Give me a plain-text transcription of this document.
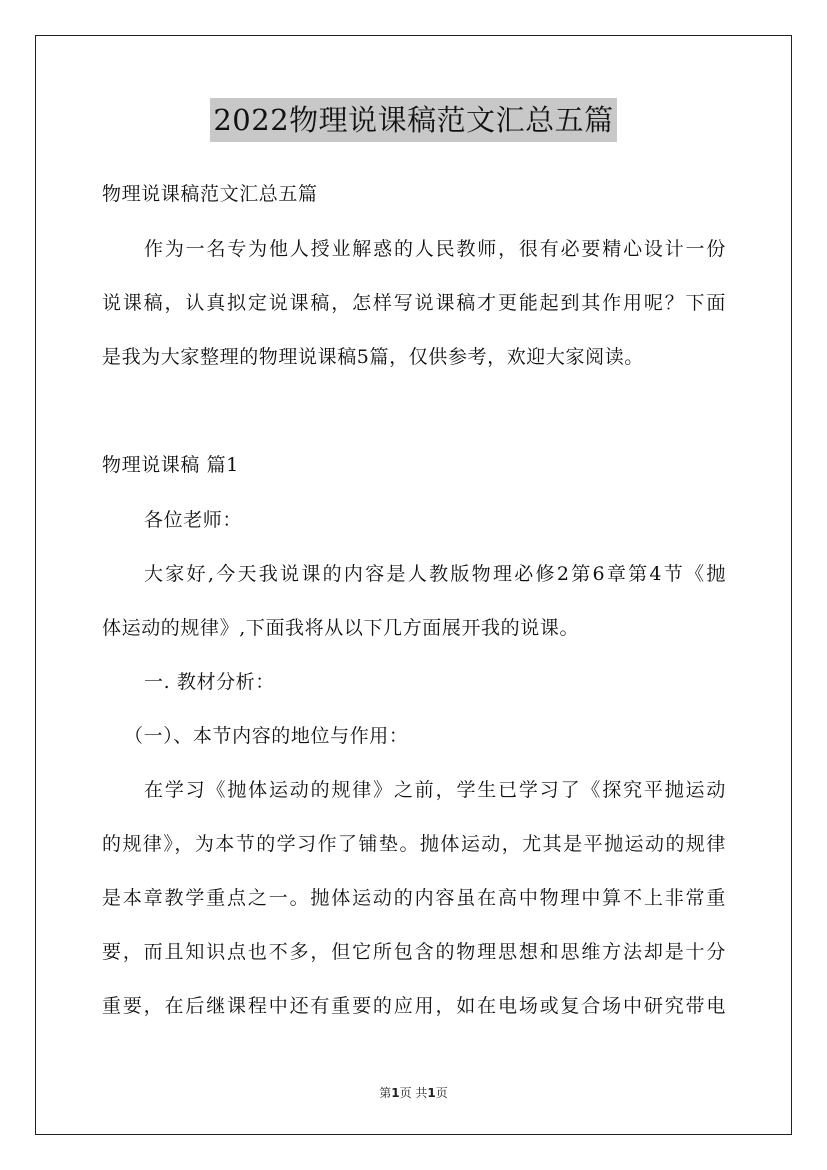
2022物理说课稿范文汇总五篇
物理说课稿范文汇总五篇
作为一名专为他人授业解惑的人民教师，很有必要精心设计一份
说课稿，认真拟定说课稿，怎样写说课稿才更能起到其作用呢？下面
是我为大家整理的物理说课稿5篇，仅供参考，欢迎大家阅读。
物理说课稿 篇1
各位老师：
大家好,今天我说课的内容是人教版物理必修2第6章第4节《抛
体运动的规律》,下面我将从以下几方面展开我的说课。
一. 教材分析：
（一）、本节内容的地位与作用：
在学习《抛体运动的规律》之前，学生已学习了《探究平抛运动
的规律》，为本节的学习作了铺垫。抛体运动，尤其是平抛运动的规律
是本章教学重点之一。抛体运动的内容虽在高中物理中算不上非常重
要，而且知识点也不多，但它所包含的物理思想和思维方法却是十分
重要，在后继课程中还有重要的应用，如在电场或复合场中研究带电
第1页 共1页
